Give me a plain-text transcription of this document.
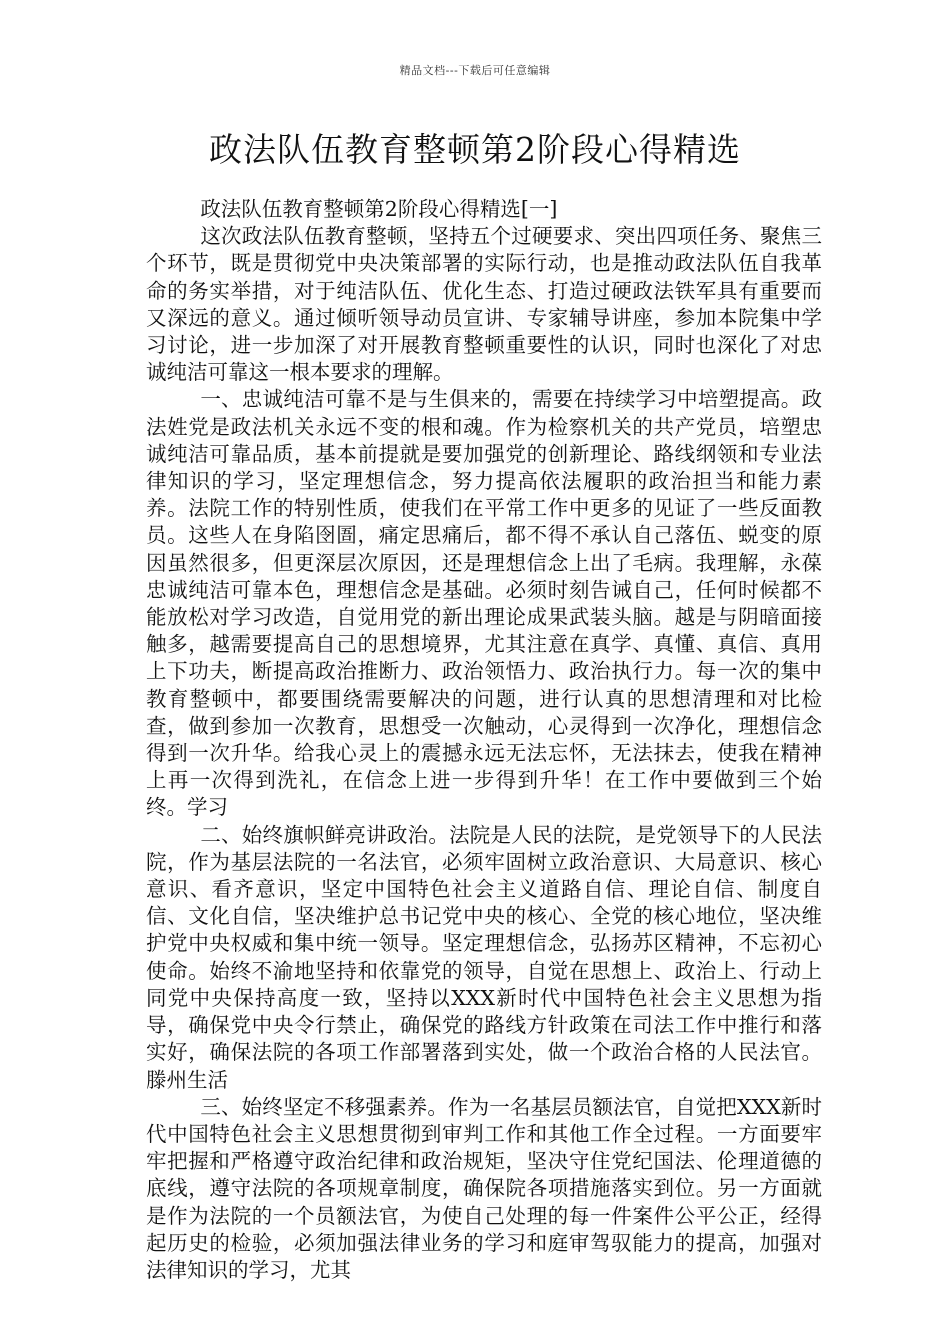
精品文档---下载后可任意编辑
政法队伍教育整顿第2阶段心得精选

政法队伍教育整顿第2阶段心得精选[一]

这次政法队伍教育整顿，坚持五个过硬要求、突出四项任务、聚焦三个环节，既是贯彻党中央决策部署的实际行动，也是推动政法队伍自我革命的务实举措，对于纯洁队伍、优化生态、打造过硬政法铁军具有重要而又深远的意义。通过倾听领导动员宣讲、专家辅导讲座，参加本院集中学习讨论，进一步加深了对开展教育整顿重要性的认识，同时也深化了对忠诚纯洁可靠这一根本要求的理解。

一、忠诚纯洁可靠不是与生俱来的，需要在持续学习中培塑提高。政法姓党是政法机关永远不变的根和魂。作为检察机关的共产党员，培塑忠诚纯洁可靠品质，基本前提就是要加强党的创新理论、路线纲领和专业法律知识的学习，坚定理想信念，努力提高依法履职的政治担当和能力素养。法院工作的特别性质，使我们在平常工作中更多的见证了一些反面教员。这些人在身陷囹圄，痛定思痛后，都不得不承认自己落伍、蜕变的原因虽然很多，但更深层次原因，还是理想信念上出了毛病。我理解，永葆忠诚纯洁可靠本色，理想信念是基础。必须时刻告诫自己，任何时候都不能放松对学习改造，自觉用党的新出理论成果武装头脑。越是与阴暗面接触多，越需要提高自己的思想境界，尤其注意在真学、真懂、真信、真用上下功夫，断提高政治推断力、政治领悟力、政治执行力。每一次的集中教育整顿中，都要围绕需要解决的问题，进行认真的思想清理和对比检查，做到参加一次教育，思想受一次触动，心灵得到一次净化，理想信念得到一次升华。给我心灵上的震撼永远无法忘怀，无法抹去，使我在精神上再一次得到洗礼，在信念上进一步得到升华！在工作中要做到三个始终。学习

二、始终旗帜鲜亮讲政治。法院是人民的法院，是党领导下的人民法院，作为基层法院的一名法官，必须牢固树立政治意识、大局意识、核心意识、看齐意识，坚定中国特色社会主义道路自信、理论自信、制度自信、文化自信，坚决维护总书记党中央的核心、全党的核心地位，坚决维护党中央权威和集中统一领导。坚定理想信念，弘扬苏区精神，不忘初心使命。始终不渝地坚持和依靠党的领导，自觉在思想上、政治上、行动上同党中央保持高度一致，坚持以XXX新时代中国特色社会主义思想为指导，确保党中央令行禁止，确保党的路线方针政策在司法工作中推行和落实好，确保法院的各项工作部署落到实处，做一个政治合格的人民法官。滕州生活

三、始终坚定不移强素养。作为一名基层员额法官，自觉把XXX新时代中国特色社会主义思想贯彻到审判工作和其他工作全过程。一方面要牢牢把握和严格遵守政治纪律和政治规矩，坚决守住党纪国法、伦理道德的底线，遵守法院的各项规章制度，确保院各项措施落实到位。另一方面就是作为法院的一个员额法官，为使自己处理的每一件案件公平公正，经得起历史的检验，必须加强法律业务的学习和庭审驾驭能力的提高，加强对法律知识的学习，尤其
